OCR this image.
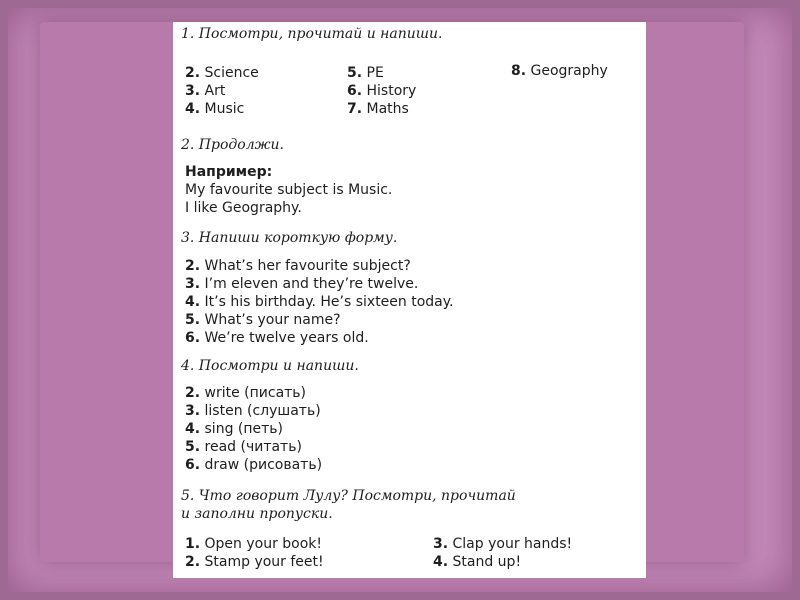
1. Посмотри, прочитай и напиши.
2. Science
3. Art
4. Music
5. PE
6. History
7. Maths
8. Geography
2. Продолжи.
Например:
My favourite subject is Music.
I like Geography.
3. Напиши короткую форму.
2. What’s her favourite subject?
3. I’m eleven and they’re twelve.
4. It’s his birthday. He’s sixteen today.
5. What’s your name?
6. We’re twelve years old.
4. Посмотри и напиши.
2. write (писать)
3. listen (слушать)
4. sing (петь)
5. read (читать)
6. draw (рисовать)
5. Что говорит Лулу? Посмотри, прочитай
и заполни пропуски.
1. Open your book!
2. Stamp your feet!
3. Clap your hands!
4. Stand up!
